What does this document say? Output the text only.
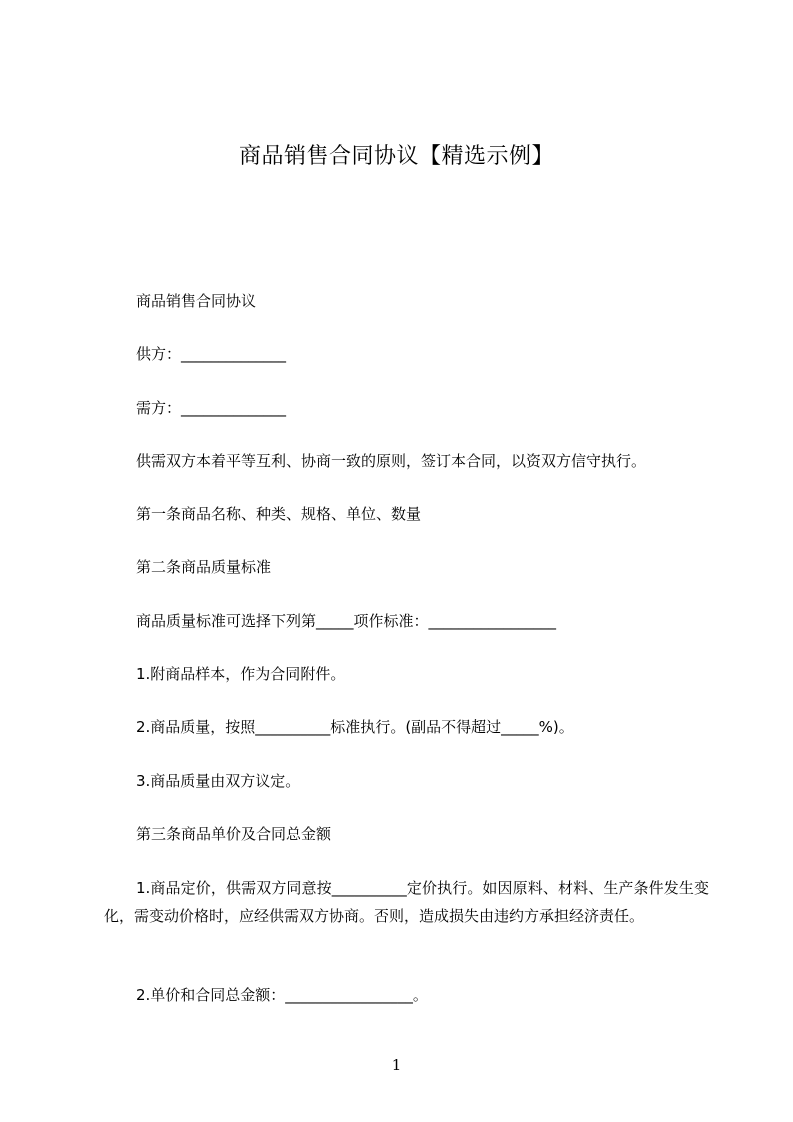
商品销售合同协议【精选示例】
商品销售合同协议
供方：______________
需方：______________
供需双方本着平等互利、协商一致的原则，签订本合同，以资双方信守执行。
第一条商品名称、种类、规格、单位、数量
第二条商品质量标准
商品质量标准可选择下列第_____项作标准：_________________
1.附商品样本，作为合同附件。
2.商品质量，按照__________标准执行。(副品不得超过_____%)。
3.商品质量由双方议定。
第三条商品单价及合同总金额
1.商品定价，供需双方同意按__________定价执行。如因原料、材料、生产条件发生变化，需变动价格时，应经供需双方协商。否则，造成损失由违约方承担经济责任。
2.单价和合同总金额：_________________。
1
